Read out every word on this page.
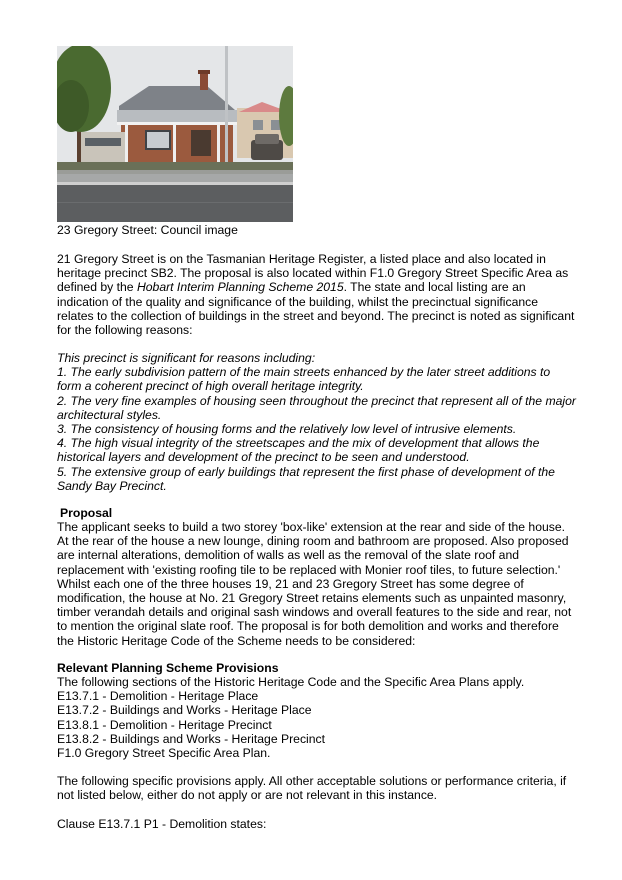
23 Gregory Street: Council image

21 Gregory Street is on the Tasmanian Heritage Register, a listed place and also located in heritage precinct SB2. The proposal is also located within F1.0 Gregory Street Specific Area as defined by the Hobart Interim Planning Scheme 2015. The state and local listing are an indication of the quality and significance of the building, whilst the precinctual significance relates to the collection of buildings in the street and beyond. The precinct is noted as significant for the following reasons:

This precinct is significant for reasons including:
1. The early subdivision pattern of the main streets enhanced by the later street additions to form a coherent precinct of high overall heritage integrity.
2. The very fine examples of housing seen throughout the precinct that represent all of the major architectural styles.
3. The consistency of housing forms and the relatively low level of intrusive elements.
4. The high visual integrity of the streetscapes and the mix of development that allows the historical layers and development of the precinct to be seen and understood.
5. The extensive group of early buildings that represent the first phase of development of the Sandy Bay Precinct.
Proposal

The applicant seeks to build a two storey 'box-like' extension at the rear and side of the house. At the rear of the house a new lounge, dining room and bathroom are proposed. Also proposed are internal alterations, demolition of walls as well as the removal of the slate roof and replacement with 'existing roofing tile to be replaced with Monier roof tiles, to future selection.' Whilst each one of the three houses 19, 21 and 23 Gregory Street has some degree of modification, the house at No. 21 Gregory Street retains elements such as unpainted masonry, timber verandah details and original sash windows and overall features to the side and rear, not to mention the original slate roof. The proposal is for both demolition and works and therefore the Historic Heritage Code of the Scheme needs to be considered:

Relevant Planning Scheme Provisions
The following sections of the Historic Heritage Code and the Specific Area Plans apply.
E13.7.1 - Demolition - Heritage Place
E13.7.2 - Buildings and Works - Heritage Place
E13.8.1 - Demolition - Heritage Precinct
E13.8.2 - Buildings and Works - Heritage Precinct
F1.0 Gregory Street Specific Area Plan.

The following specific provisions apply. All other acceptable solutions or performance criteria, if not listed below, either do not apply or are not relevant in this instance.

Clause E13.7.1 P1 - Demolition states:
